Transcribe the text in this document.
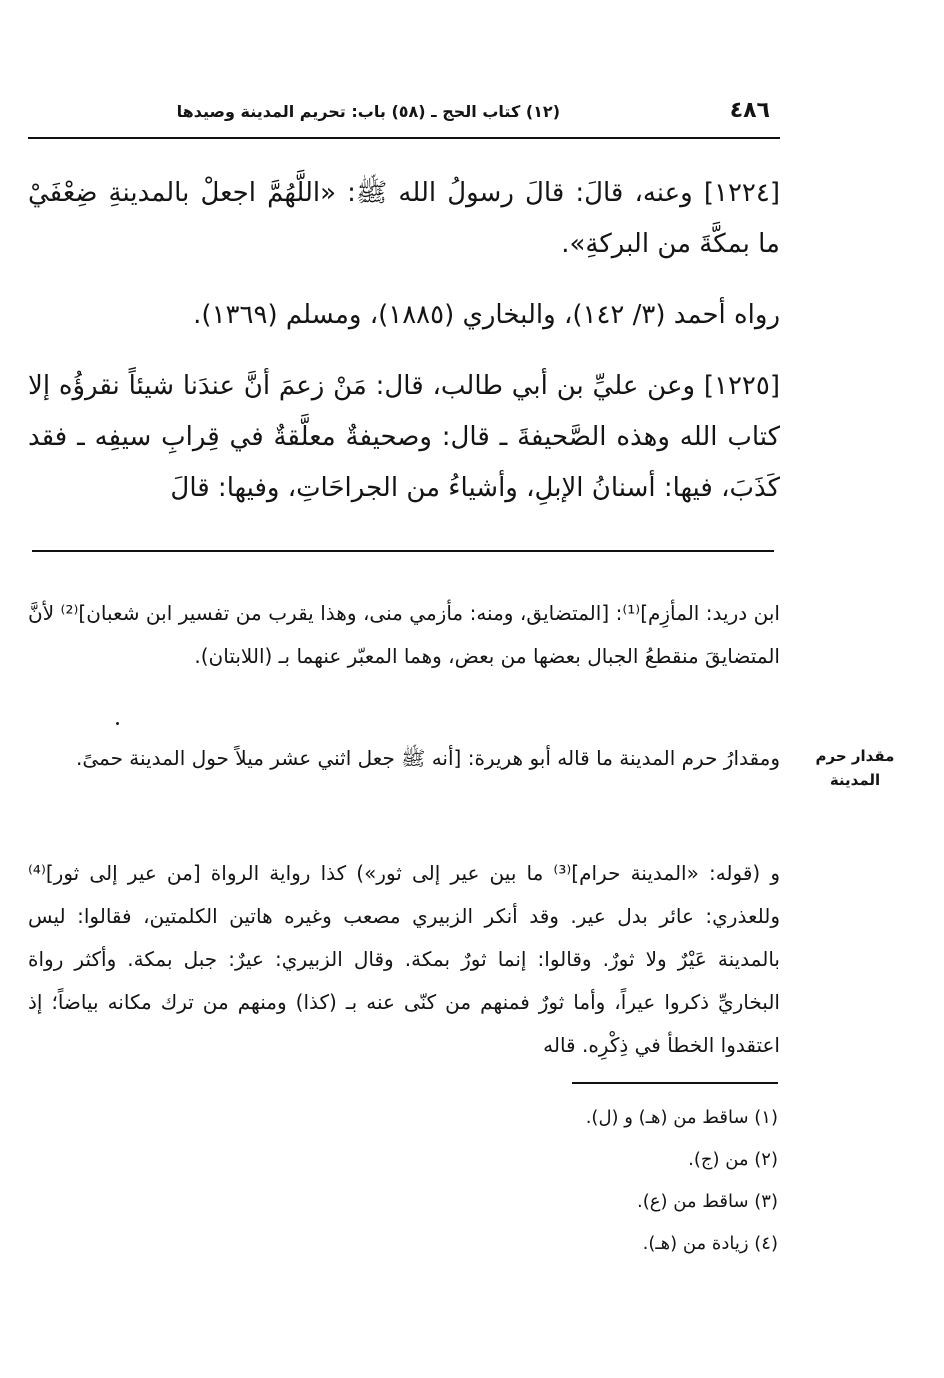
٤٨٦
(١٢) كتاب الحج ـ (٥٨) باب: تحريم المدينة وصيدها
[١٢٢٤] وعنه، قالَ: قالَ رسولُ الله ﷺ: «اللَّهُمَّ اجعلْ بالمدينةِ ضِعْفَيْ ما بمكَّةَ من البركةِ».
رواه أحمد (٣/ ١٤٢)، والبخاري (١٨٨٥)، ومسلم (١٣٦٩).
[١٢٢٥] وعن عليِّ بن أبي طالب، قال: مَنْ زعمَ أنَّ عندَنا شيئاً نقرؤُه إلا كتاب الله وهذه الصَّحيفةَ ـ قال: وصحيفةٌ معلَّقةٌ في قِرابِ سيفِه ـ فقد كَذَبَ، فيها: أسنانُ الإبلِ، وأشياءُ من الجراحَاتِ، وفيها: قالَ
ابن دريد: المأزِم]⁽¹⁾: [المتضايق، ومنه: مأزمي منى، وهذا يقرب من تفسير ابن شعبان]⁽²⁾ لأنَّ المتضايقَ منقطعُ الجبال بعضها من بعض، وهما المعبّر عنهما بـ (اللابتان).
ومقدارُ حرم المدينة ما قاله أبو هريرة: [أنه ﷺ جعل اثني عشر ميلاً حول المدينة حمىً.
و (قوله: «المدينة حرام]⁽³⁾ ما بين عير إلى ثور») كذا رواية الرواة [من عير إلى ثور]⁽⁴⁾ وللعذري: عائر بدل عير. وقد أنكر الزبيري مصعب وغيره هاتين الكلمتين، فقالوا: ليس بالمدينة عَيْرٌ ولا ثورٌ. وقالوا: إنما ثورٌ بمكة. وقال الزبيري: عيرٌ: جبل بمكة. وأكثر رواة البخاريِّ ذكروا عيراً، وأما ثورٌ فمنهم من كنّى عنه بـ (كذا) ومنهم من ترك مكانه بياضاً؛ إذ اعتقدوا الخطأ في ذِكْرِه. قاله
مقدار حرم
المدينة
(١) ساقط من (هـ) و (ل).
(٢) من (ج).
(٣) ساقط من (ع).
(٤) زيادة من (هـ).
